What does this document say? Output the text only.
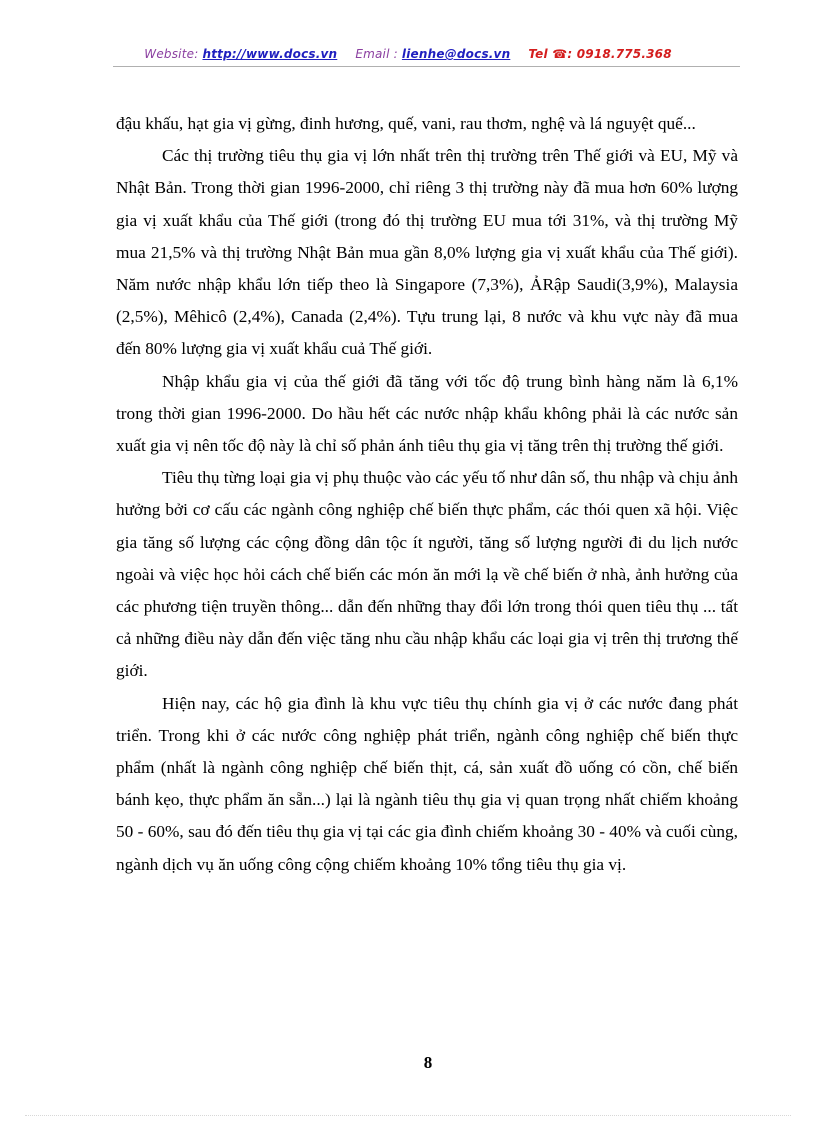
Website: http://www.docs.vn Email : lienhe@docs.vn Tel ☎: 0918.775.368

đậu khấu, hạt gia vị gừng, đinh hương, quế, vani, rau thơm, nghệ và lá nguyệt quế...

Các thị trường tiêu thụ gia vị lớn nhất trên thị trường trên Thế giới và EU, Mỹ và Nhật Bản. Trong thời gian 1996-2000, chỉ riêng 3 thị trường này đã mua hơn 60% lượng gia vị xuất khẩu của Thế giới (trong đó thị trường EU mua tới 31%, và thị trường Mỹ mua 21,5% và thị trường Nhật Bản mua gần 8,0% lượng gia vị xuất khẩu của Thế giới). Năm nước nhập khẩu lớn tiếp theo là Singapore (7,3%), ẢRập Saudi(3,9%), Malaysia (2,5%), Mêhicô (2,4%), Canada (2,4%). Tựu trung lại, 8 nước và khu vực này đã mua đến 80% lượng gia vị xuất khẩu cuả Thế giới.

Nhập khẩu gia vị của thế giới đã tăng với tốc độ trung bình hàng năm là 6,1% trong thời gian 1996-2000. Do hầu hết các nước nhập khẩu không phải là các nước sản xuất gia vị nên tốc độ này là chỉ số phản ánh tiêu thụ gia vị tăng trên thị trường thế giới.

Tiêu thụ từng loại gia vị phụ thuộc vào các yếu tố như dân số, thu nhập và chịu ảnh hưởng bởi cơ cấu các ngành công nghiệp chế biến thực phẩm, các thói quen xã hội. Việc gia tăng số lượng các cộng đồng dân tộc ít người, tăng số lượng người đi du lịch nước ngoài và việc học hỏi cách chế biến các món ăn mới lạ về chế biến ở nhà, ảnh hưởng của các phương tiện truyền thông... dẫn đến những thay đổi lớn trong thói quen tiêu thụ ... tất cả những điều này dẫn đến việc tăng nhu cầu nhập khẩu các loại gia vị trên thị trương thế giới.

Hiện nay, các hộ gia đình là khu vực tiêu thụ chính gia vị ở các nước đang phát triển. Trong khi ở các nước công nghiệp phát triển, ngành công nghiệp chế biến thực phẩm (nhất là ngành công nghiệp chế biến thịt, cá, sản xuất đồ uống có cồn, chế biến bánh kẹo, thực phẩm ăn sẵn...) lại là ngành tiêu thụ gia vị quan trọng nhất chiếm khoảng 50 - 60%, sau đó đến tiêu thụ gia vị tại các gia đình chiếm khoảng 30 - 40% và cuối cùng, ngành dịch vụ ăn uống công cộng chiếm khoảng 10% tổng tiêu thụ gia vị.

8
